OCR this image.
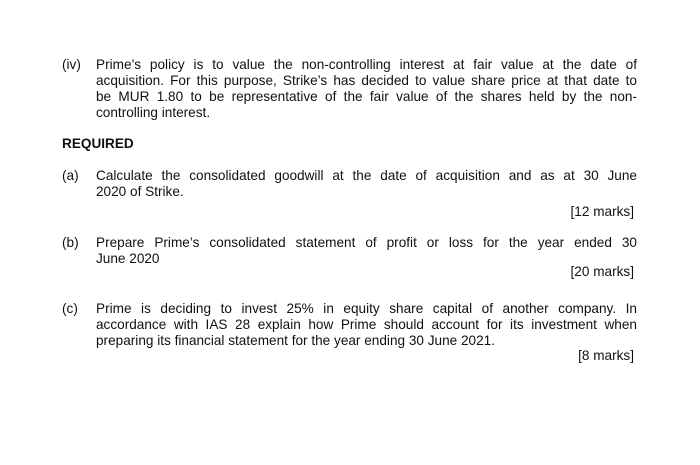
(iv)	Prime’s policy is to value the non-controlling interest at fair value at the date of
acquisition. For this purpose, Strike’s has decided to value share price at that date to
be MUR 1.80 to be representative of the fair value of the shares held by the non-
controlling interest.
REQUIRED
(a)	Calculate the consolidated goodwill at the date of acquisition and as at 30 June
2020 of Strike.
[12 marks]
(b)	Prepare Prime’s consolidated statement of profit or loss for the year ended 30
June 2020
[20 marks]
(c)	Prime is deciding to invest 25% in equity share capital of another company. In
accordance with IAS 28 explain how Prime should account for its investment when
preparing its financial statement for the year ending 30 June 2021.
[8 marks]
